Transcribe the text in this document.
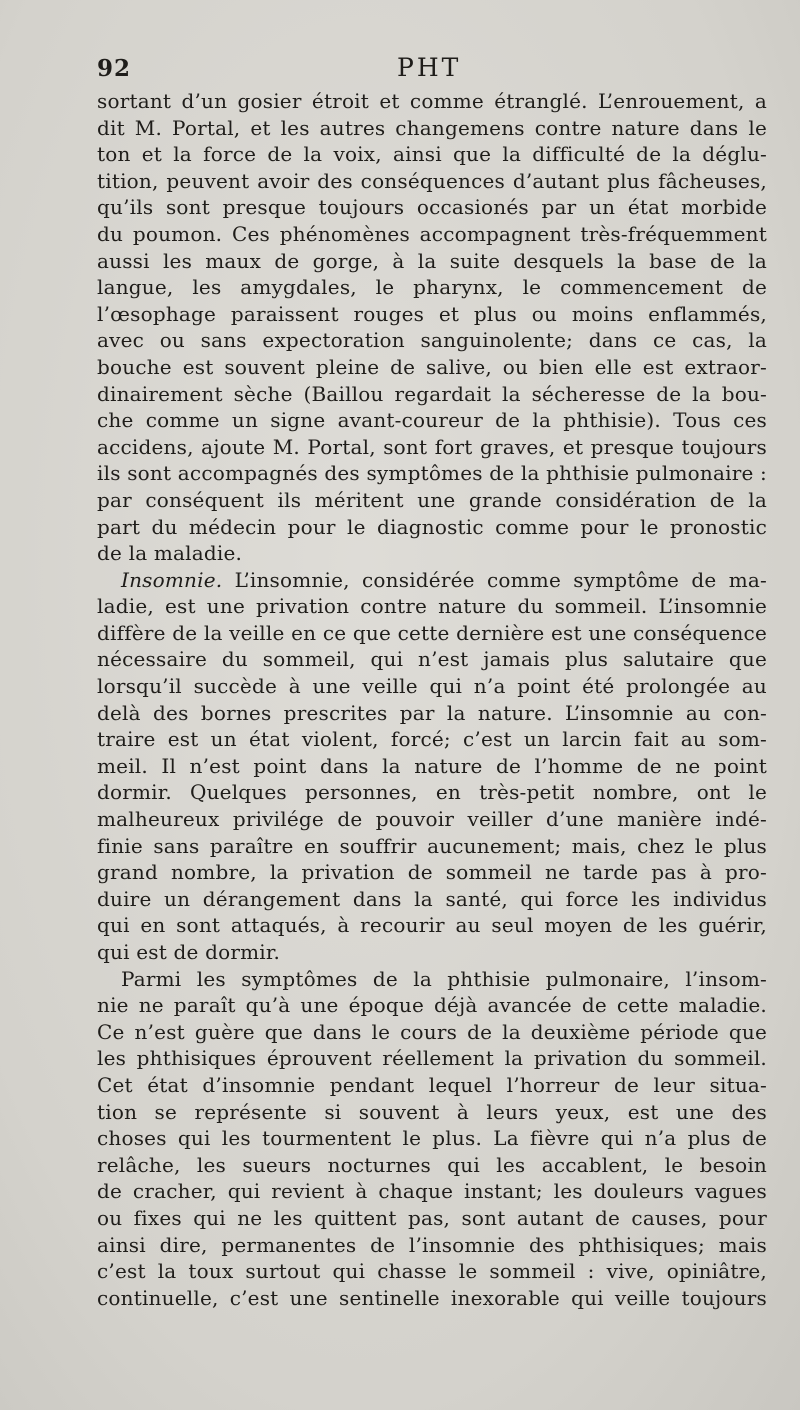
92	PHT
sortant d’un gosier étroit et comme étranglé. L’enrouement, a
dit M. Portal, et les autres changemens contre nature dans le
ton et la force de la voix, ainsi que la difficulté de la déglu-
tition, peuvent avoir des conséquences d’autant plus fâcheuses,
qu’ils sont presque toujours occasionés par un état morbide
du poumon. Ces phénomènes accompagnent très-fréquemment
aussi les maux de gorge, à la suite desquels la base de la
langue, les amygdales, le pharynx, le commencement de
l’œsophage paraissent rouges et plus ou moins enflammés,
avec ou sans expectoration sanguinolente; dans ce cas, la
bouche est souvent pleine de salive, ou bien elle est extraor-
dinairement sèche (Baillou regardait la sécheresse de la bou-
che comme un signe avant-coureur de la phthisie). Tous ces
accidens, ajoute M. Portal, sont fort graves, et presque toujours
ils sont accompagnés des symptômes de la phthisie pulmonaire :
par conséquent ils méritent une grande considération de la
part du médecin pour le diagnostic comme pour le pronostic
de la maladie.
Insomnie. L’insomnie, considérée comme symptôme de ma-
ladie, est une privation contre nature du sommeil. L’insomnie
diffère de la veille en ce que cette dernière est une conséquence
nécessaire du sommeil, qui n’est jamais plus salutaire que
lorsqu’il succède à une veille qui n’a point été prolongée au
delà des bornes prescrites par la nature. L’insomnie au con-
traire est un état violent, forcé; c’est un larcin fait au som-
meil. Il n’est point dans la nature de l’homme de ne point
dormir. Quelques personnes, en très-petit nombre, ont le
malheureux privilége de pouvoir veiller d’une manière indé-
finie sans paraître en souffrir aucunement; mais, chez le plus
grand nombre, la privation de sommeil ne tarde pas à pro-
duire un dérangement dans la santé, qui force les individus
qui en sont attaqués, à recourir au seul moyen de les guérir,
qui est de dormir.
Parmi les symptômes de la phthisie pulmonaire, l’insom-
nie ne paraît qu’à une époque déjà avancée de cette maladie.
Ce n’est guère que dans le cours de la deuxième période que
les phthisiques éprouvent réellement la privation du sommeil.
Cet état d’insomnie pendant lequel l’horreur de leur situa-
tion se représente si souvent à leurs yeux, est une des
choses qui les tourmentent le plus. La fièvre qui n’a plus de
relâche, les sueurs nocturnes qui les accablent, le besoin
de cracher, qui revient à chaque instant; les douleurs vagues
ou fixes qui ne les quittent pas, sont autant de causes, pour
ainsi dire, permanentes de l’insomnie des phthisiques; mais
c’est la toux surtout qui chasse le sommeil : vive, opiniâtre,
continuelle, c’est une sentinelle inexorable qui veille toujours
